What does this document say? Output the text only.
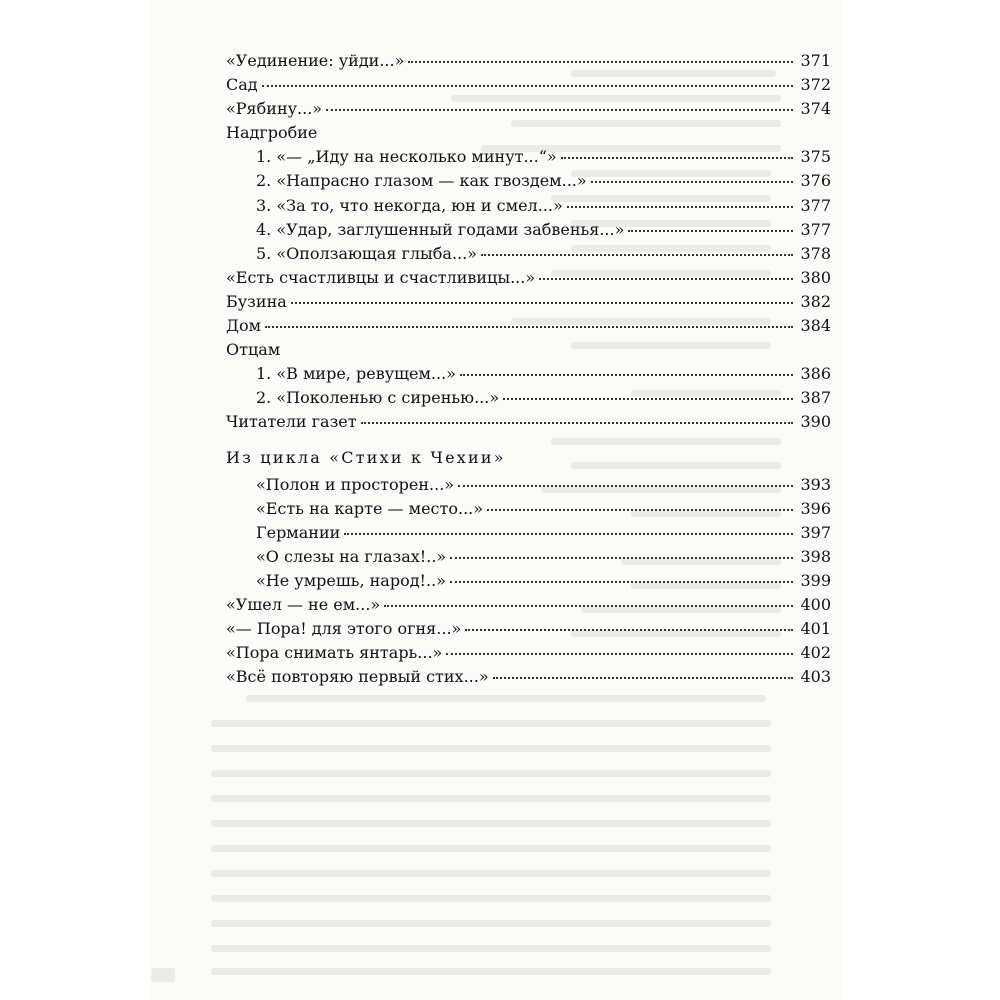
«Уединение: уйди...»	371
Сад	372
«Рябину...»	374
Надгробие
1. «— „Иду на несколько минут...“»	375
2. «Напрасно глазом — как гвоздем...»	376
3. «За то, что некогда, юн и смел...»	377
4. «Удар, заглушенный годами забвенья...»	377
5. «Оползающая глыба...»	378
«Есть счастливцы и счастливицы...»	380
Бузина	382
Дом	384
Отцам
1. «В мире, ревущем...»	386
2. «Поколенью с сиренью...»	387
Читатели газет	390
Из цикла «Стихи к Чехии»
«Полон и просторен...»	393
«Есть на карте — место...»	396
Германии	397
«О слезы на глазах!..»	398
«Не умрешь, народ!..»	399
«Ушел — не ем...»	400
«— Пора! для этого огня...»	401
«Пора снимать янтарь...»	402
«Всё повторяю первый стих...»	403
